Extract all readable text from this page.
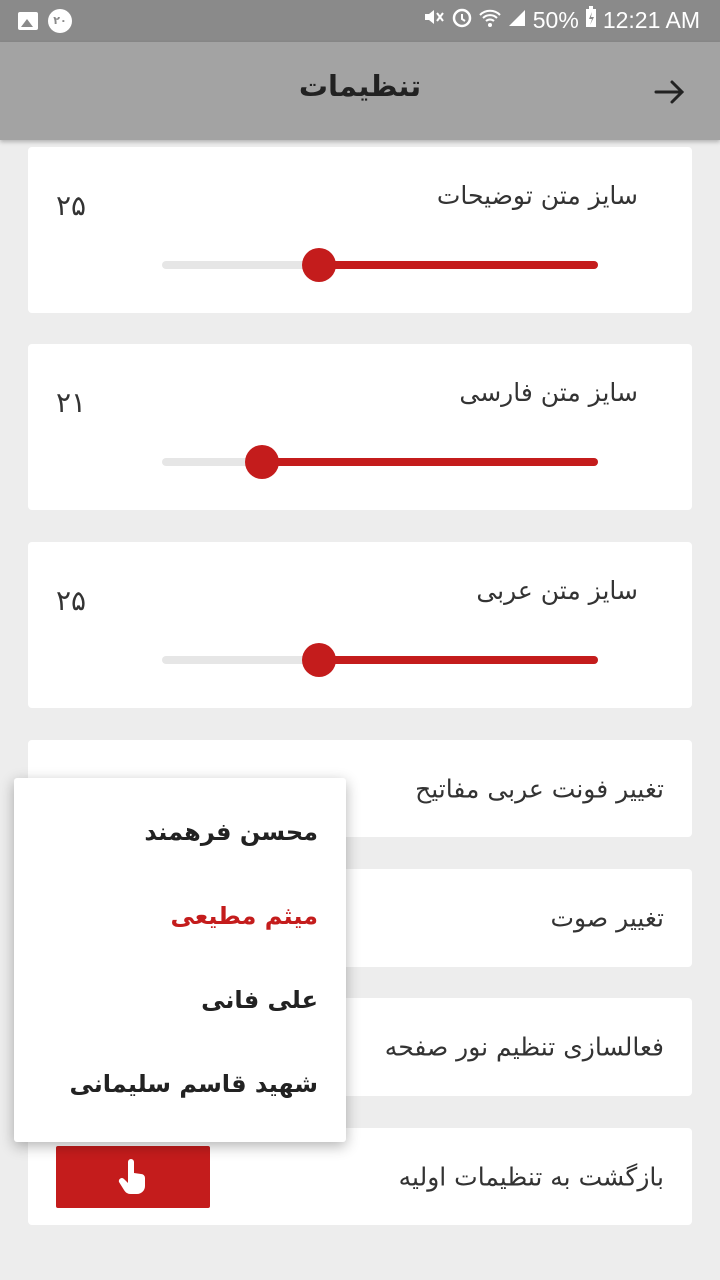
۲۰	50% 12:21 AM
تنظیمات
سایز متن توضیحات
۲۵
سایز متن فارسی
۲۱
سایز متن عربی
۲۵
تغییر فونت عربی مفاتیح
تغییر صوت
فعالسازی تنظیم نور صفحه
بازگشت به تنظیمات اولیه
محسن فرهمند
میثم مطیعی
علی فانی
شهید قاسم سلیمانی
